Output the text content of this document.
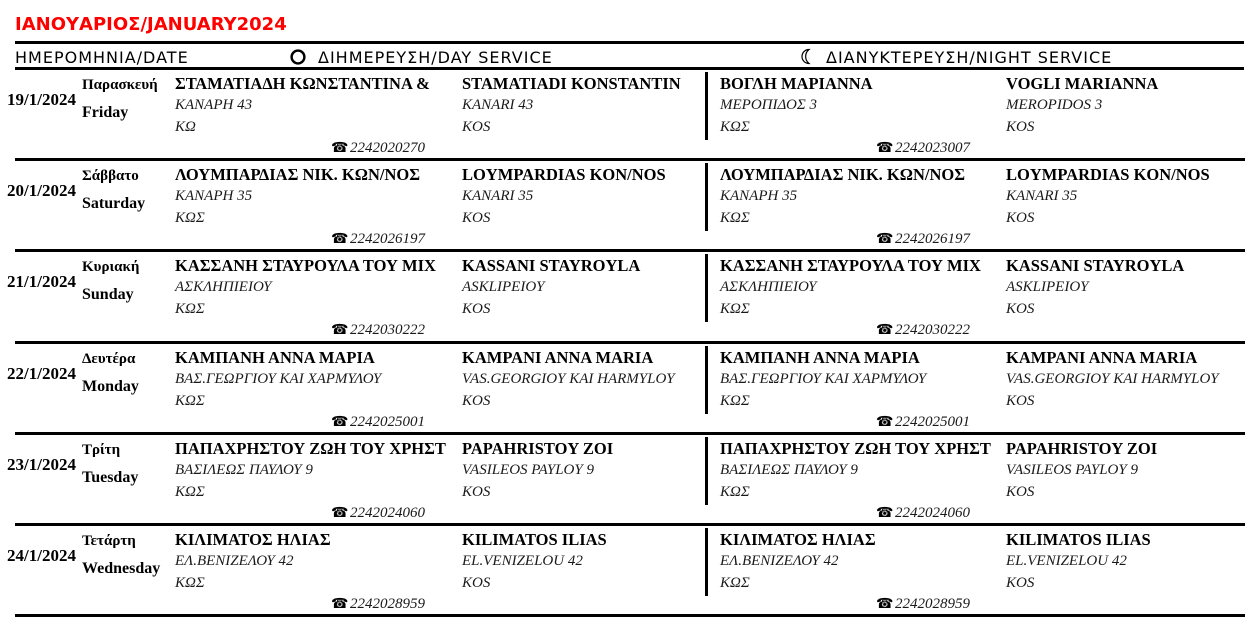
ΙΑΝΟΥΑΡΙΟΣ/JANUARY2024
ΗΜΕΡΟΜΗΝΙΑ/DATE	ΔΙΗΜΕΡΕΥΣΗ/DAY SERVICE	ΔΙΑΝΥΚΤΕΡΕΥΣΗ/NIGHT SERVICE
19/1/2024
Παρασκευή
Friday
ΣΤΑΜΑΤΙΑΔΗ ΚΩΝΣΤΑΝΤΙΝΑ & STAMATIADI KONSTANTIN
ΚΑΝΑΡΗ 43	KANARI 43
ΚΩ	KOS
☎2242020270
ΒΟΓΛΗ ΜΑΡΙΑΝΝΑ	VOGLI MARIANNA
ΜΕΡΟΠΙΔΟΣ 3	MEROPIDOS 3
ΚΩΣ	KOS
☎2242023007
20/1/2024
Σάββατο
Saturday
ΛΟΥΜΠΑΡΔΙΑΣ ΝΙΚ. ΚΩΝ/ΝΟΣ	LOYMPARDIAS KON/NOS
ΚΑΝΑΡΗ 35	KANARI 35
ΚΩΣ	KOS
☎2242026197
ΛΟΥΜΠΑΡΔΙΑΣ ΝΙΚ. ΚΩΝ/ΝΟΣ LOYMPARDIAS KON/NOS
ΚΑΝΑΡΗ 35	KANARI 35
ΚΩΣ	KOS
☎2242026197
21/1/2024
Κυριακή
Sunday
ΚΑΣΣΑΝΗ ΣΤΑΥΡΟΥΛΑ ΤΟΥ ΜΙΧ KASSANI STAYROYLA
ΑΣΚΛΗΠΙΕΙΟΥ	ASKLIPEIOY
ΚΩΣ	KOS
☎2242030222
ΚΑΣΣΑΝΗ ΣΤΑΥΡΟΥΛΑ ΤΟΥ ΜΙΧ KASSANI STAYROYLA
ΑΣΚΛΗΠΙΕΙΟΥ	ASKLIPEIOY
ΚΩΣ	KOS
☎2242030222
22/1/2024
Δευτέρα
Monday
ΚΑΜΠΑΝΗ ΑΝΝΑ ΜΑΡΙΑ	KAMPANI ANNA MARIA
ΒΑΣ.ΓΕΩΡΓΙΟΥ ΚΑΙ ΧΑΡΜΥΛΟΥ	VAS.GEORGIOY KAI HARMYLOY
ΚΩΣ	KOS
☎2242025001
ΚΑΜΠΑΝΗ ΑΝΝΑ ΜΑΡΙΑ	KAMPANI ANNA MARIA
ΒΑΣ.ΓΕΩΡΓΙΟΥ ΚΑΙ ΧΑΡΜΥΛΟΥ	VAS.GEORGIOY KAI HARMYLOY
ΚΩΣ	KOS
☎2242025001
23/1/2024
Τρίτη
Tuesday
ΠΑΠΑΧΡΗΣΤΟΥ ΖΩΗ ΤΟΥ ΧΡΗΣΤ PAPAHRISTOY ZOI
ΒΑΣΙΛΕΩΣ ΠΑΥΛΟΥ 9	VASILEOS PAYLOY 9
ΚΩΣ	KOS
☎2242024060
ΠΑΠΑΧΡΗΣΤΟΥ ΖΩΗ ΤΟΥ ΧΡΗΣΤ PAPAHRISTOY ZOI
ΒΑΣΙΛΕΩΣ ΠΑΥΛΟΥ 9	VASILEOS PAYLOY 9
ΚΩΣ	KOS
☎2242024060
24/1/2024
Τετάρτη
Wednesday
ΚΙΛΙΜΑΤΟΣ ΗΛΙΑΣ	KILIMATOS ILIAS
ΕΛ.ΒΕΝΙΖΕΛΟΥ 42	EL.VENIZELOU 42
ΚΩΣ	KOS
☎2242028959
ΚΙΛΙΜΑΤΟΣ ΗΛΙΑΣ	KILIMATOS ILIAS
ΕΛ.ΒΕΝΙΖΕΛΟΥ 42	EL.VENIZELOU 42
ΚΩΣ	KOS
☎2242028959
